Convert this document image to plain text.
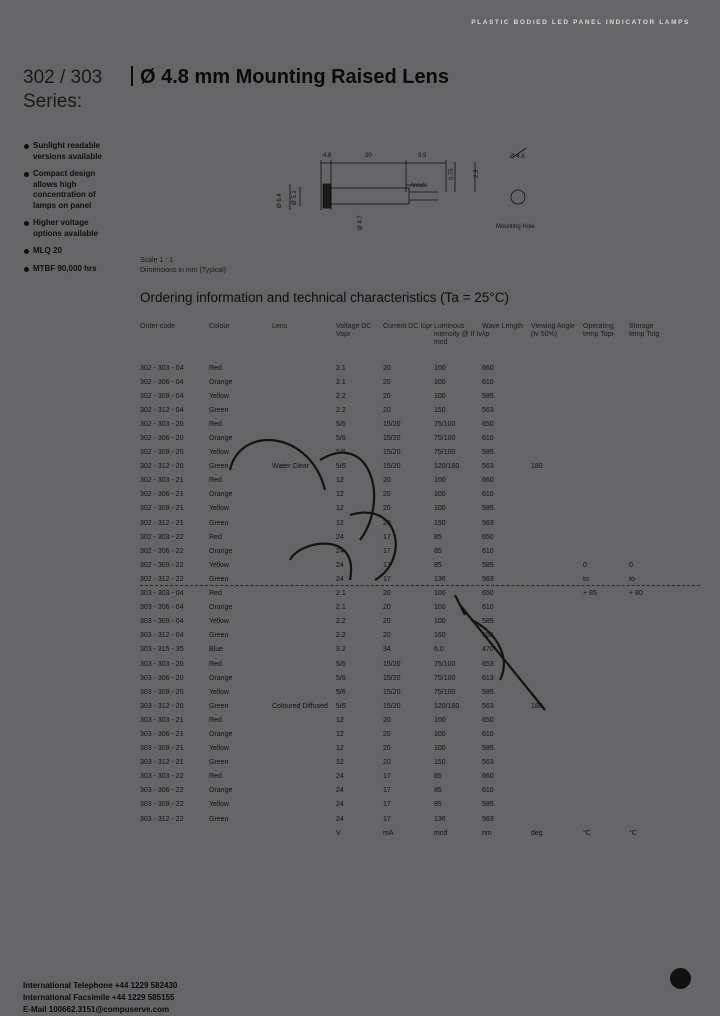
PLASTIC BODIED LED PANEL INDICATOR LAMPS
302 / 303
Series:
Ø 4.8 mm Mounting Raised Lens
Sunlight readable versions available
Compact design allows high concentration of lamps on panel
Higher voltage options available
MLQ 20
MTBF 90,000 hrs
4.8	20	9.9
0.75	2.3
Ø 6.4 Ø 5.1
Ø 4.7
Ø 4.8
Anode
Mounting Hole
Scale 1 : 1
Dimensions in mm (Typical)
Ordering information and technical characteristics (Ta = 25°C)
Order code	Colour	Lens	Voltage DC Vopr	Current DC Iopr	Luminous intensity @ If Iv mcd	Wave Length λp	Viewing Angle (Iv 50%)	Operating temp Topr	Storage temp Tstg
302 - 303 - 04	Red		2.1	20	100	660			
302 - 306 - 04	Orange		2.1	20	100	610			
302 - 309 - 04	Yellow		2.2	20	100	585			
302 - 312 - 04	Green		2.2	20	150	563			
302 - 303 - 20	Red		5/6	15/20	75/100	650			
302 - 306 - 20	Orange		5/6	15/20	75/100	610			
302 - 309 - 20	Yellow		5/6	15/20	75/100	585			
302 - 312 - 20	Green	Water Clear	5/6	15/20	120/160	563	180		
302 - 303 - 21	Red		12	20	100	660			
302 - 306 - 21	Orange		12	20	100	610			
302 - 309 - 21	Yellow		12	20	100	585			
302 - 312 - 21	Green		12	20	150	563			
302 - 303 - 22	Red		24	17	85	650			
302 - 306 - 22	Orange		24	17	85	610			
302 - 309 - 22	Yellow		24	17	85	585		0	0
302 - 312 - 22	Green		24	17	136	563		to	to
303 - 303 - 04	Red		2.1	20	100	650		+ 85	+ 80
303 - 306 - 04	Orange		2.1	20	100	610			
303 - 309 - 04	Yellow		2.2	20	100	585			
303 - 312 - 04	Green		2.2	20	160	563			
303 - 315 - 35	Blue		3.2	34	6.0	470			
303 - 303 - 20	Red		5/6	15/20	75/100	653			
303 - 306 - 20	Orange		5/6	15/20	75/100	613			
303 - 309 - 20	Yellow		5/6	15/20	75/100	585			
303 - 312 - 20	Green	Coloured Diffused	5/6	15/20	120/160	563	180		
303 - 303 - 21	Red		12	20	100	650			
303 - 306 - 21	Orange		12	20	100	610			
303 - 309 - 21	Yellow		12	20	100	585			
303 - 312 - 21	Green		12	20	150	563			
303 - 303 - 22	Red		24	17	85	660			
303 - 306 - 22	Orange		24	17	85	610			
303 - 309 - 22	Yellow		24	17	85	585			
303 - 312 - 22	Green		24	17	136	563			
			V	mA	mcd	nm	deg	°C	°C
International Telephone +44 1229 582430
International Facsimile +44 1229 585155
E-Mail 100662.3151@compuserve.com
